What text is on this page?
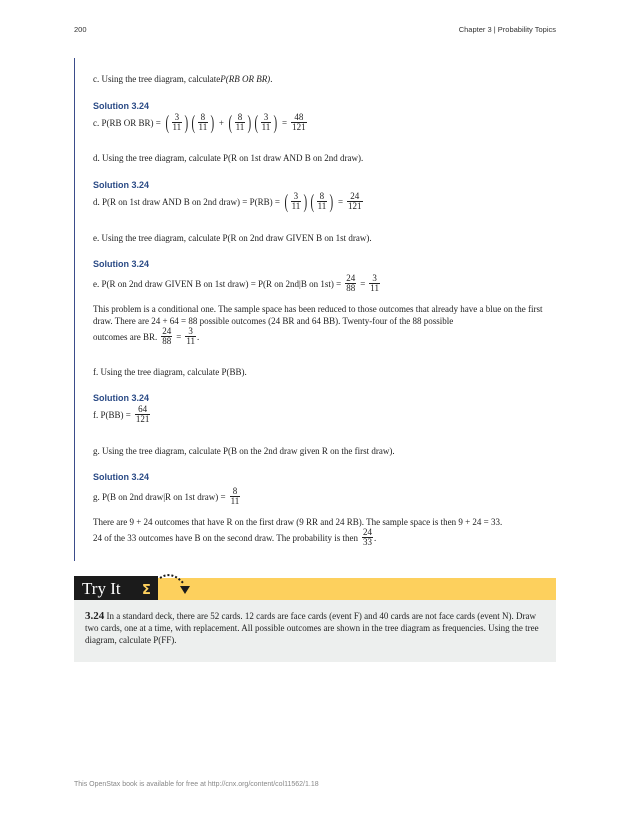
200	Chapter 3 | Probability Topics
c. Using the tree diagram, calculate P(RB OR BR) .
Solution 3.24
c. P(RB OR BR) = ( $\frac{3}{11}$ ) ( $\frac{8}{11}$ ) + ( $\frac{8}{11}$ ) ( $\frac{3}{11}$ ) = $\frac{48}{121}$
d. Using the tree diagram, calculate P(R on 1st draw AND B on 2nd draw).
Solution 3.24
d. P(R on 1st draw AND B on 2nd draw) = P(RB) = ( $\frac{3}{11}$ ) ( $\frac{8}{11}$ ) = $\frac{24}{121}$
e. Using the tree diagram, calculate P(R on 2nd draw GIVEN B on 1st draw).
Solution 3.24
e. P(R on 2nd draw GIVEN B on 1st draw) = P(R on 2nd|B on $1st) = \frac{24}{88} = \frac{3}{11}$
This problem is a conditional one. The sample space has been reduced to those outcomes that already have a blue on the first draw. There are 24 + 64 = 88 possible outcomes (24 BR and 64 BB). Twenty-four of the 88 possible
outcomes are BR. $\frac{24}{88} = \frac{3}{11}$ .
f. Using the tree diagram, calculate P(BB).
Solution 3.24
f. $P(BB) = \frac{64}{121}$
g. Using the tree diagram, calculate P(B on the 2nd draw given R on the first draw).
Solution 3.24
g. P(B on 2nd draw|R on 1st draw) = $\frac{8}{11}$
There are 9 + 24 outcomes that have R on the first draw (9 RR and 24 RB). The sample space is then 9 + 24 = 33.
24 of the 33 outcomes have B on the second draw. The probability is then $\frac{24}{33}$ .
Try It Σ
3.24 In a standard deck, there are 52 cards. 12 cards are face cards (event F) and 40 cards are not face cards (event N). Draw two cards, one at a time, with replacement. All possible outcomes are shown in the tree diagram as frequencies. Using the tree diagram, calculate P(FF).
This OpenStax book is available for free at http://cnx.org/content/col11562/1.18
